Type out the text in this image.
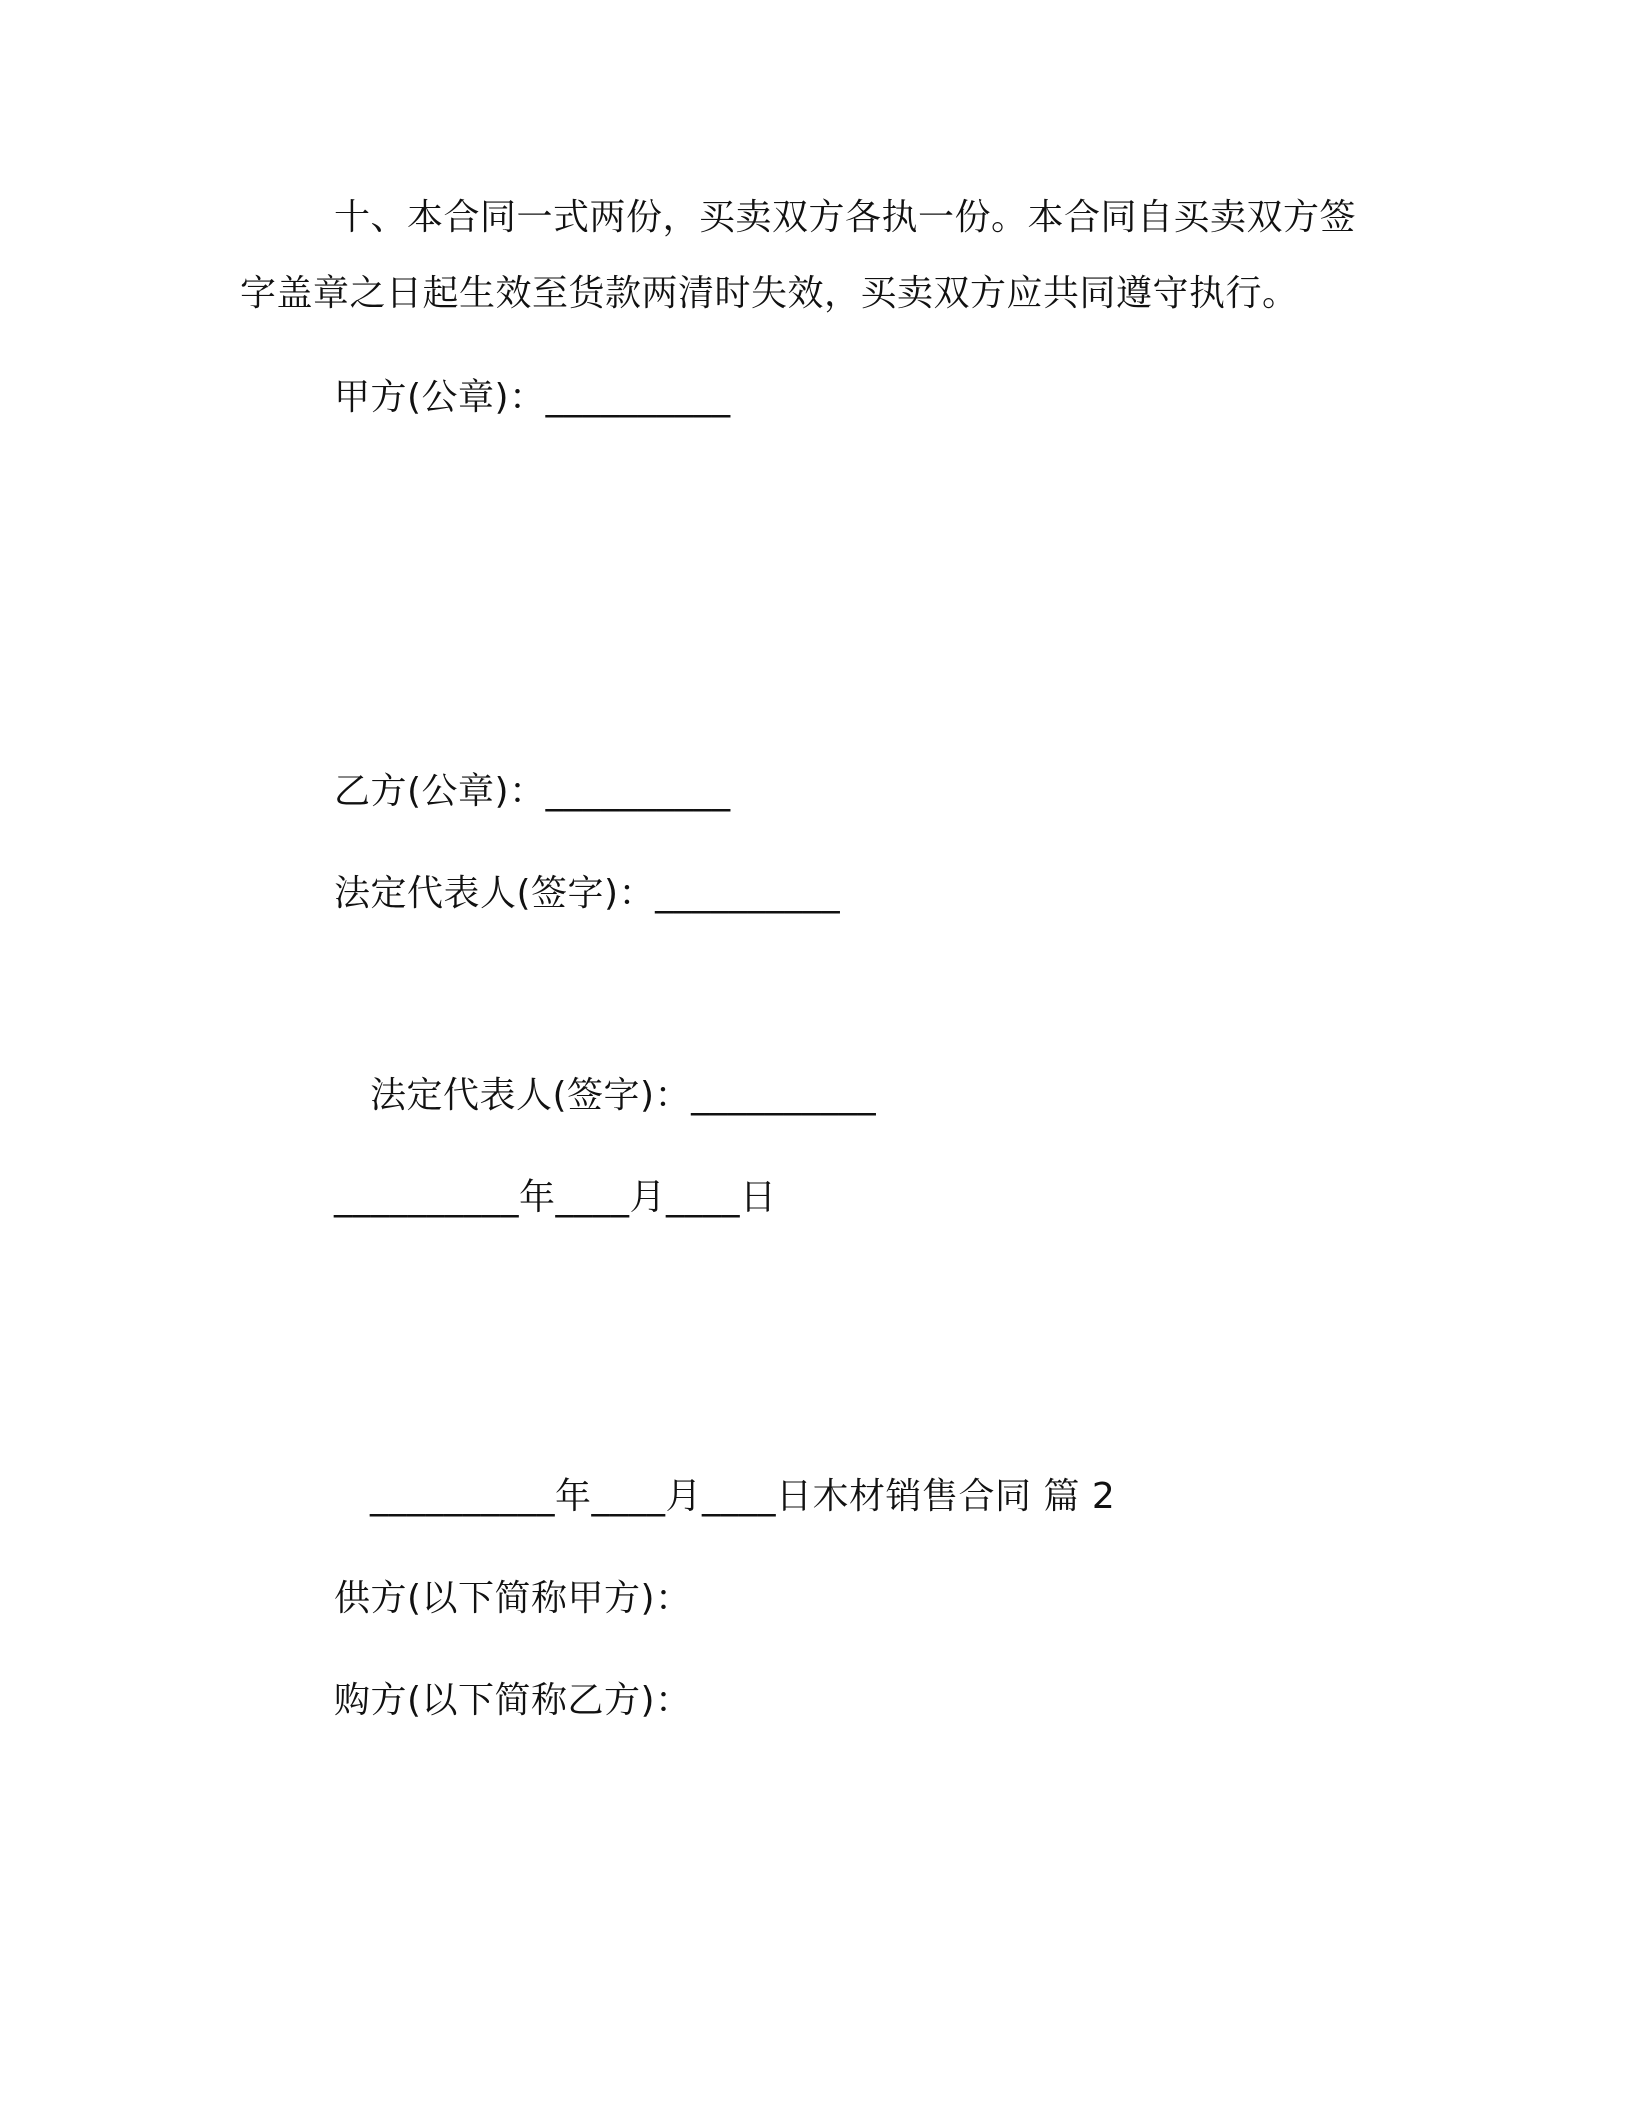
十、本合同一式两份，买卖双方各执一份。本合同自买卖双方签
字盖章之日起生效至货款两清时失效，买卖双方应共同遵守执行。
甲方(公章)：__________
乙方(公章)：__________
法定代表人(签字)：__________
法定代表人(签字)：__________
__________年____月____日
__________年____月____日木材销售合同 篇 2
供方(以下简称甲方)：
购方(以下简称乙方)：
